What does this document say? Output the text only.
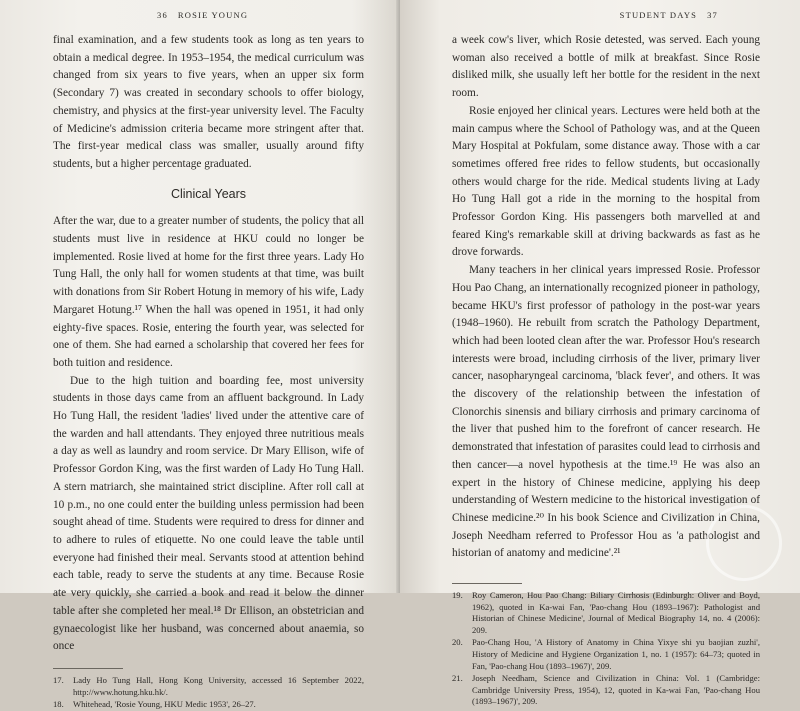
36 ROSIE YOUNG

final examination, and a few students took as long as ten years to obtain a medical degree. In 1953–1954, the medical curriculum was changed from six years to five years, when an upper six form (Secondary 7) was created in secondary schools to offer biology, chemistry, and physics at the first-year university level. The Faculty of Medicine's admission criteria became more stringent after that. The first-year medical class was smaller, usually around fifty students, but a higher percentage graduated.

Clinical Years

After the war, due to a greater number of students, the policy that all students must live in residence at HKU could no longer be implemented. Rosie lived at home for the first three years. Lady Ho Tung Hall, the only hall for women students at that time, was built with donations from Sir Robert Hotung in memory of his wife, Lady Margaret Hotung.¹⁷ When the hall was opened in 1951, it had only eighty-five spaces. Rosie, entering the fourth year, was selected for one of them. She had earned a scholarship that covered her fees for both tuition and residence.

Due to the high tuition and boarding fee, most university students in those days came from an affluent background. In Lady Ho Tung Hall, the resident 'ladies' lived under the attentive care of the warden and hall attendants. They enjoyed three nutritious meals a day as well as laundry and room service. Dr Mary Ellison, wife of Professor Gordon King, was the first warden of Lady Ho Tung Hall. A stern matriarch, she maintained strict discipline. After roll call at 10 p.m., no one could enter the building unless permission had been sought ahead of time. Students were required to dress for dinner and to adhere to rules of etiquette. No one could leave the table until everyone had finished their meal. Servants stood at attention behind each table, ready to serve the students at any time. Because Rosie ate very quickly, she carried a book and read it below the dinner table after she completed her meal.¹⁸ Dr Ellison, an obstetrician and gynaecologist like her husband, was concerned about anaemia, so once

17.	Lady Ho Tung Hall, Hong Kong University, accessed 16 September 2022, http://www.hotung.hku.hk/.
18.	Whitehead, 'Rosie Young, HKU Medic 1953', 26–27.
STUDENT DAYS 37

a week cow's liver, which Rosie detested, was served. Each young woman also received a bottle of milk at breakfast. Since Rosie disliked milk, she usually left her bottle for the resident in the next room.

Rosie enjoyed her clinical years. Lectures were held both at the main campus where the School of Pathology was, and at the Queen Mary Hospital at Pokfulam, some distance away. Those with a car sometimes offered free rides to fellow students, but occasionally others would charge for the ride. Medical students living at Lady Ho Tung Hall got a ride in the morning to the hospital from Professor Gordon King. His passengers both marvelled at and feared King's remarkable skill at driving backwards as fast as he drove forwards.

Many teachers in her clinical years impressed Rosie. Professor Hou Pao Chang, an internationally recognized pioneer in pathology, became HKU's first professor of pathology in the post-war years (1948–1960). He rebuilt from scratch the Pathology Department, which had been looted clean after the war. Professor Hou's research interests were broad, including cirrhosis of the liver, primary liver cancer, nasopharyngeal carcinoma, 'black fever', and others. It was the discovery of the relationship between the infestation of Clonorchis sinensis and biliary cirrhosis and primary carcinoma of the liver that pushed him to the forefront of cancer research. He demonstrated that infestation of parasites could lead to cirrhosis and then cancer—a novel hypothesis at the time.¹⁹ He was also an expert in the history of Chinese medicine, applying his deep understanding of Western medicine to the historical investigation of Chinese medicine.²⁰ In his book Science and Civilization in China, Joseph Needham referred to Professor Hou as 'a pathologist and historian of anatomy and medicine'.²¹

19.	Roy Cameron, Hou Pao Chang: Biliary Cirrhosis (Edinburgh: Oliver and Boyd, 1962), quoted in Ka-wai Fan, 'Pao-chang Hou (1893–1967): Pathologist and Historian of Chinese Medicine', Journal of Medical Biography 14, no. 4 (2006): 209.
20.	Pao-Chang Hou, 'A History of Anatomy in China Yixye shi yu baojian zuzhi', History of Medicine and Hygiene Organization 1, no. 1 (1957): 64–73; quoted in Fan, 'Pao-chang Hou (1893–1967)', 209.
21.	Joseph Needham, Science and Civilization in China: Vol. 1 (Cambridge: Cambridge University Press, 1954), 12, quoted in Ka-wai Fan, 'Pao-chang Hou (1893–1967)', 209.
